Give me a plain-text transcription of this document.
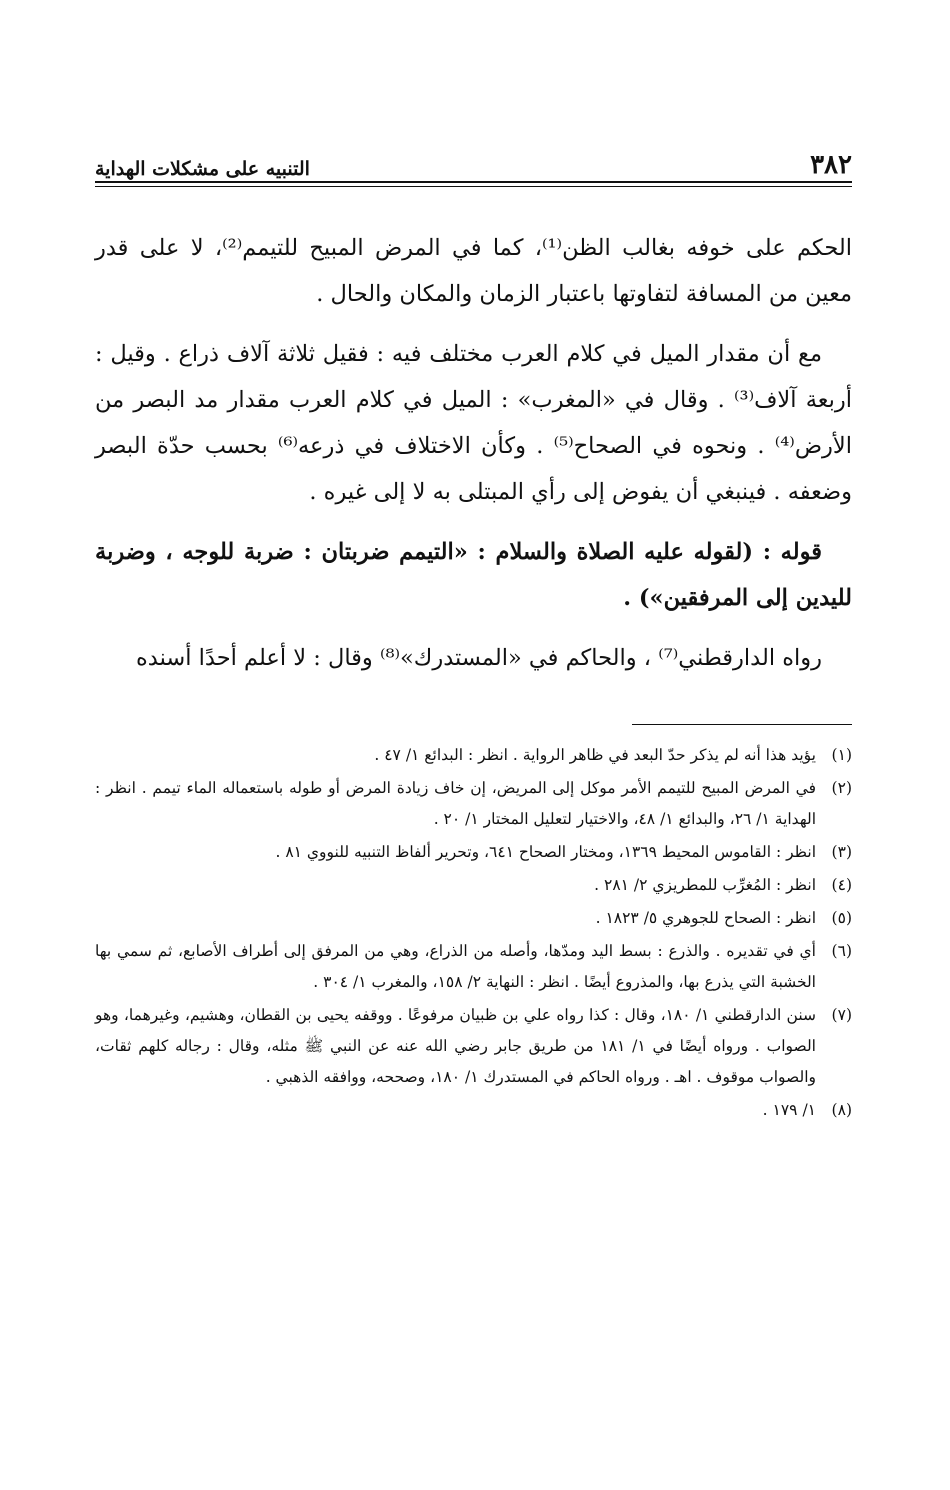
٣٨٢
التنبيه على مشكلات الهداية

الحكم على خوفه بغالب الظن⁽¹⁾، كما في المرض المبيح للتيمم⁽²⁾، لا على قدر معين من المسافة لتفاوتها باعتبار الزمان والمكان والحال .

مع أن مقدار الميل في كلام العرب مختلف فيه : فقيل ثلاثة آلاف ذراع . وقيل : أربعة آلاف⁽³⁾ . وقال في «المغرب» : الميل في كلام العرب مقدار مد البصر من الأرض⁽⁴⁾ . ونحوه في الصحاح⁽⁵⁾ . وكأن الاختلاف في ذرعه⁽⁶⁾ بحسب حدّة البصر وضعفه . فينبغي أن يفوض إلى رأي المبتلى به لا إلى غيره .

قوله : (لقوله عليه الصلاة والسلام : «التيمم ضربتان : ضربة للوجه ، وضربة لليدين إلى المرفقين») .

رواه الدارقطني⁽⁷⁾ ، والحاكم في «المستدرك»⁽⁸⁾ وقال : لا أعلم أحدًا أسنده

(١)
يؤيد هذا أنه لم يذكر حدّ البعد في ظاهر الرواية . انظر : البدائع ١/ ٤٧ .
(٢)
في المرض المبيح للتيمم الأمر موكل إلى المريض، إن خاف زيادة المرض أو طوله باستعماله الماء تيمم . انظر : الهداية ١/ ٢٦، والبدائع ١/ ٤٨، والاختيار لتعليل المختار ١/ ٢٠ .
(٣)
انظر : القاموس المحيط ١٣٦٩، ومختار الصحاح ٦٤١، وتحرير ألفاظ التنبيه للنووي ٨١ .
(٤)
انظر : المُغرِّب للمطريزي ٢/ ٢٨١ .
(٥)
انظر : الصحاح للجوهري ٥/ ١٨٢٣ .
(٦)
أي في تقديره . والذرع : بسط اليد ومدّها، وأصله من الذراع، وهي من المرفق إلى أطراف الأصابع، ثم سمي بها الخشبة التي يذرع بها، والمذروع أيضًا . انظر : النهاية ٢/ ١٥٨، والمغرب ١/ ٣٠٤ .
(٧)
سنن الدارقطني ١/ ١٨٠، وقال : كذا رواه علي بن ظبيان مرفوعًا . ووقفه يحيى بن القطان، وهشيم، وغيرهما، وهو الصواب . ورواه أيضًا في ١/ ١٨١ من طريق جابر رضي الله عنه عن النبي ﷺ مثله، وقال : رجاله كلهم ثقات، والصواب موقوف . اهـ . ورواه الحاكم في المستدرك ١/ ١٨٠، وصححه، ووافقه الذهبي .
(٨)
١/ ١٧٩ .
